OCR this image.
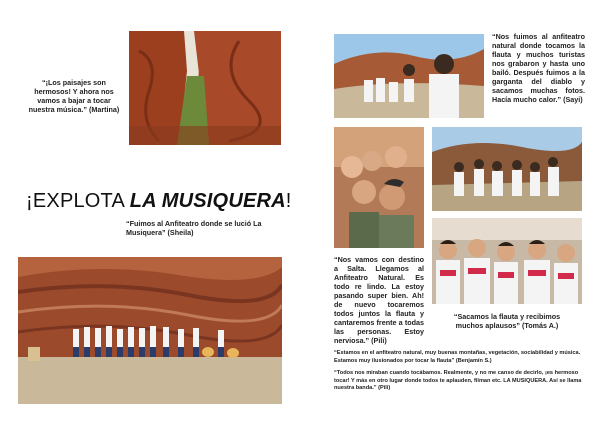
“¡Los paisajes son hermosos! Y ahora nos vamos a bajar a tocar nuestra música.” (Martina)

¡EXPLOTA LA MUSIQUERA!

“Fuimos al Anfiteatro donde se lució La Musiquera” (Sheila)

“Nos fuimos al anfiteatro natural donde tocamos la flauta y muchos turistas nos grabaron y hasta uno bailó. Después fuimos a la garganta del diablo y sacamos muchas fotos. Hacía mucho calor.” (Sayi)

“Nos vamos con destino a Salta. Llegamos al Anfiteatro Natural. Es todo re lindo. La estoy pasando super bien. Ah! de nuevo tocaremos todos juntos la flauta y cantaremos frente a todas las personas. Estoy nerviosa.” (Pili)

“Sacamos la flauta y recibimos muchos aplausos” (Tomás A.)

“Estamos en el anfiteatro natural, muy buenas montañas, vegetación, sociabilidad y música. Estamos muy ilusionados por tocar la flauta” (Benjamín S.)

“Todos nos miraban cuando tocábamos. Realmente, y no me canso de decirlo, ¡es hermoso tocar! Y más en otro lugar donde todos te aplauden, filman etc. LA MUSIQUERA. Así se llama nuestra banda.” (Pili)
